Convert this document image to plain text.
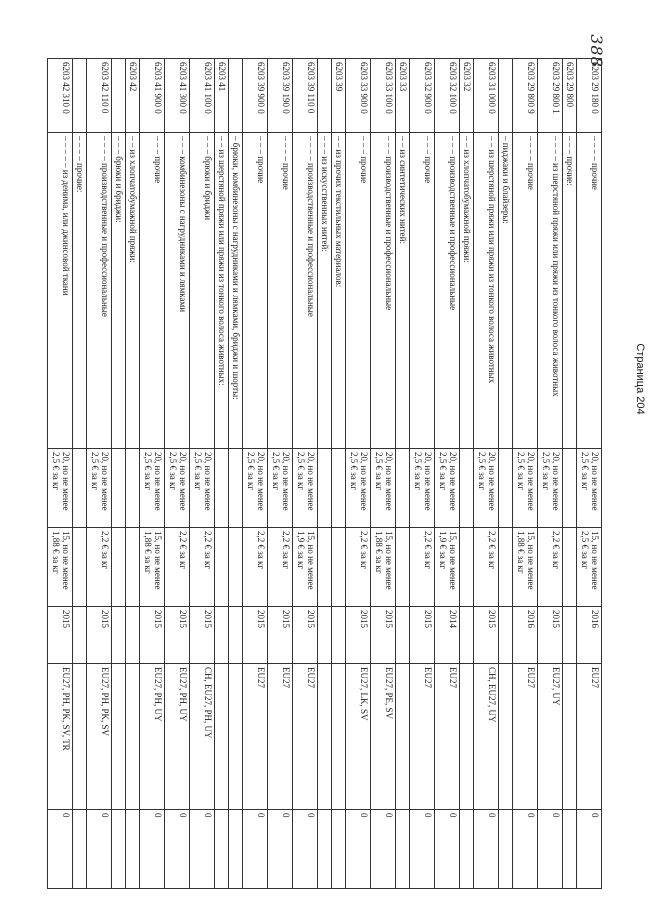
388
6203 29 180 0	– – – – прочие	20, но не менее
2,5 € за кг	15, но не менее
2,5 € за кг	2016	EU27	0
6203 29 800	– – – прочие:					
6203 29 800 1	– – – – из шерстяной пряжи или пряжи из тонкого волоса животных	20, но не менее
2,5 € за кг	2,2 € за кг	2015	EU27, UY	0
6203 29 800 9	– – – – прочие	20, но не менее
2,5 € за кг	15, но не менее
1,88 € за кг	2016	EU27	0
	– пиджаки и блайзеры:					
6203 31 000 0	– – из шерстяной пряжи или пряжи из тонкого волоса животных	20, но не менее
2,5 € за кг	2,2 € за кг	2015	CH, EU27, UY	0
6203 32	– – из хлопчатобумажной пряжи:					
6203 32 100 0	– – – производственные и профессиональные	20, но не менее
2,5 € за кг	15, но не менее
1,9 € за кг	2014	EU27	0
6203 32 900 0	– – – прочие	20, но не менее
2,5 € за кг	2,2 € за кг	2015	EU27	0
6203 33	– – из синтетических нитей:					
6203 33 100 0	– – – производственные и профессиональные	20, но не менее
2,5 € за кг	15, но не менее
1,88 € за кг	2015	EU27, PE, SV	0
6203 33 900 0	– – – прочие	20, но не менее
2,5 € за кг	2,2 € за кг	2015	EU27, LK, SV	0
6203 39	– – из прочих текстильных материалов:					
	– – – из искусственных нитей:					
6203 39 110 0	– – – – производственные и профессиональные	20, но не менее
2,5 € за кг	15, но не менее
1,9 € за кг	2015	EU27	0
6203 39 190 0	– – – – прочие	20, но не менее
2,5 € за кг	2,2 € за кг	2015	EU27	0
6203 39 900 0	– – – прочие	20, но не менее
2,5 € за кг	2,2 € за кг	2015	EU27	0
	– брюки, комбинезоны с нагрудниками и лямками, бриджи и шорты:					
6203 41	– – из шерстяной пряжи или пряжи из тонкого волоса животных:					
6203 41 100 0	– – – брюки и бриджи	20, но не менее
2,5 € за кг	2,2 € за кг	2015	CH, EU27, PH, UY	0
6203 41 300 0	– – – комбинезоны с нагрудниками и лямками	20, но не менее
2,5 € за кг	2,2 € за кг	2015	EU27, PH, UY	0
6203 41 900 0	– – – прочие	20, но не менее
2,5 € за кг	15, но не менее
1,88 € за кг	2015	EU27, PH, UY	0
6203 42	– – из хлопчатобумажной пряжи:					
	– – – брюки и бриджи:					
6203 42 110 0	– – – – производственные и профессиональные	20, но не менее
2,5 € за кг	2,2 € за кг	2015	EU27, PH, PK, SV	0
	– – – – прочие:					
6203 42 310 0	– – – – – из денима, или джинсовой ткани	20, но не менее
2,5 € за кг	15, но не менее
1,88 € за кг	2015	EU27, PH, PK, SV, TR	0
Страница 204
